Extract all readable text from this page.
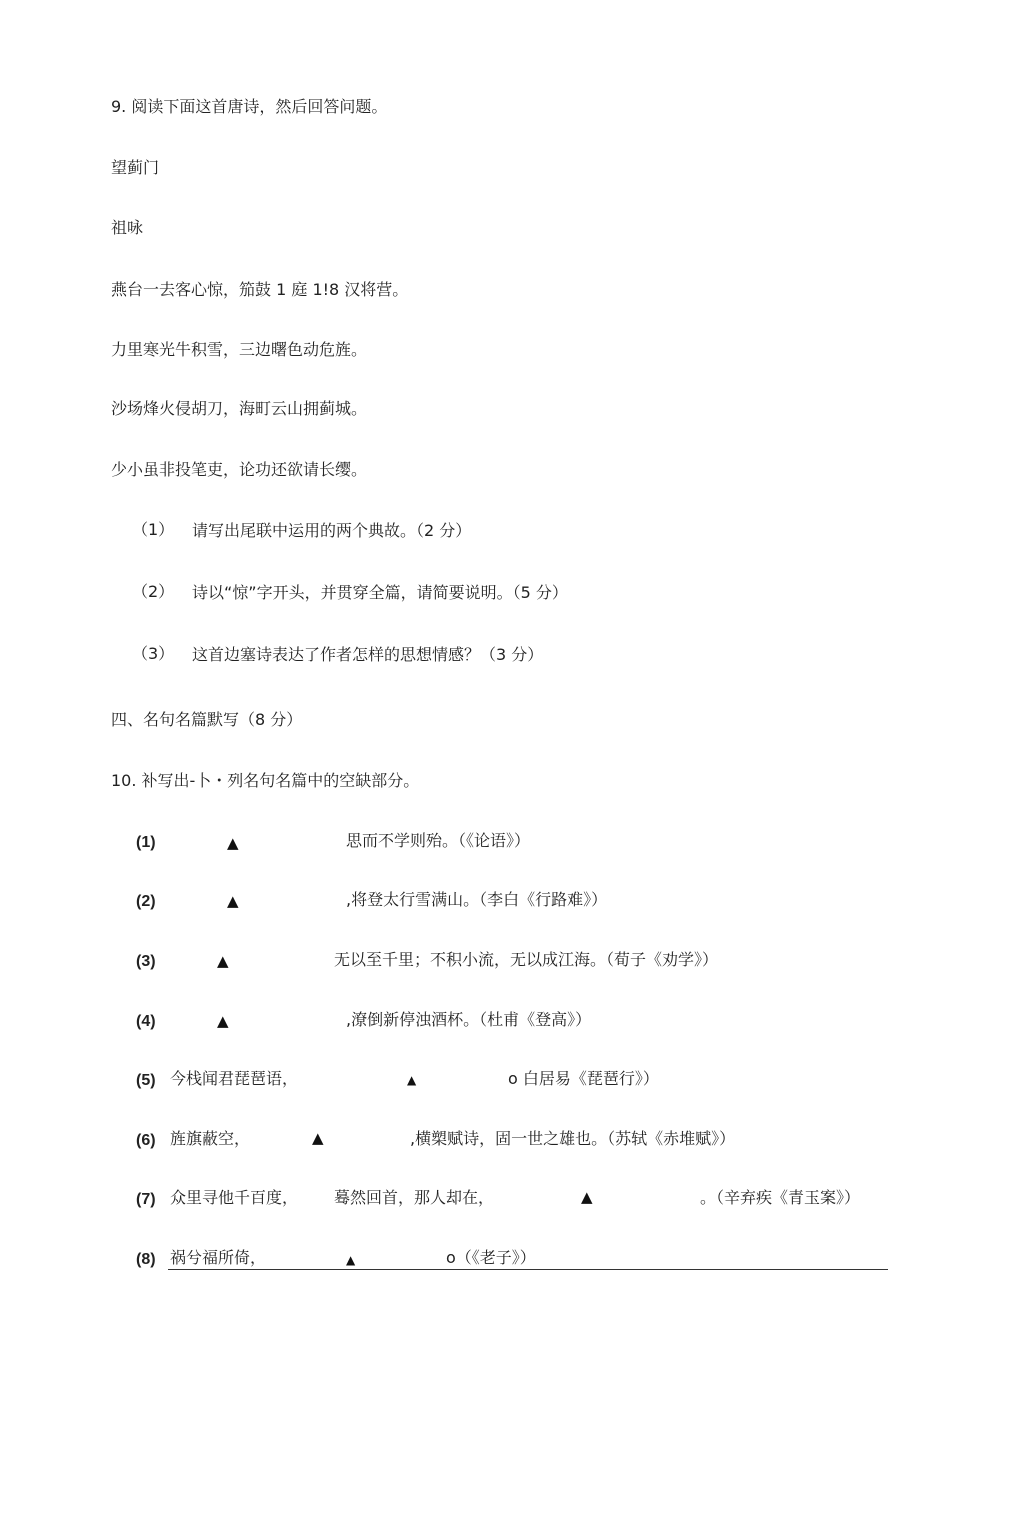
9. 阅读下面这首唐诗，然后回答问题。
望蓟门
祖咏
燕台一去客心惊，笳鼓 1 庭 1!8 汉将营。
力里寒光牛积雪，三边曙色动危旌。
沙场烽火侵胡刀，海町云山拥蓟城。
少小虽非投笔吏，论功还欲请长缨。
（1） 请写出尾联中运用的两个典故。（2 分）
（2） 诗以“惊”字开头，并贯穿全篇，请简要说明。（5 分）
（3） 这首边塞诗表达了作者怎样的思想情感？（3 分）
四、名句名篇默写（8 分）
10. 补写出-卜・列名句名篇中的空缺部分。
(1)	▲	思而不学则殆。（《论语》）
(2)	▲	,将登太行雪满山。（李白《行路难》）
(3)	▲	无以至千里；不积小流，无以成江海。（荀子《劝学》）
(4)	▲	,潦倒新停浊酒杯。（杜甫《登高》）
(5) 今栈闻君琵琶语，	▲	o 白居易《琵琶行》）
(6) 旌旗蔽空，	▲	,横槊赋诗，固一世之雄也。（苏轼《赤堆赋》）
(7) 众里寻他千百度， 蓦然回首，那人却在，	▲	。（辛弃疾《青玉案》）
(8) 祸兮福所倚，	▲	o（《老子》）
